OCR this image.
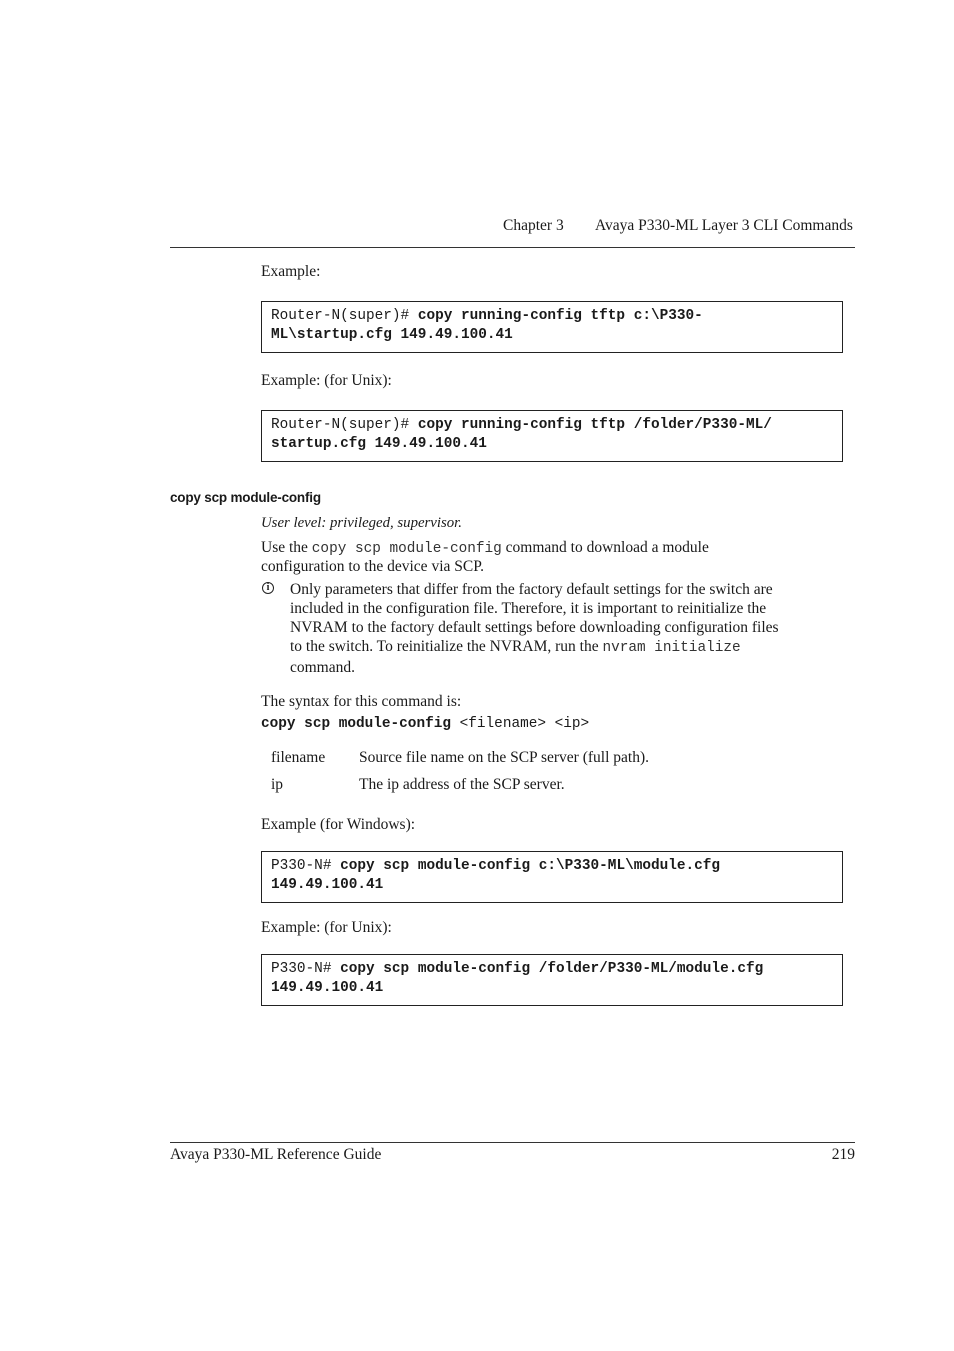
Chapter 3 Avaya P330-ML Layer 3 CLI Commands
Example:
Router-N(super)# copy running-config tftp c:\P330-
ML\startup.cfg 149.49.100.41
Example: (for Unix):
Router-N(super)# copy running-config tftp /folder/P330-ML/
startup.cfg 149.49.100.41
copy scp module-config
User level: privileged, supervisor.
Use the copy scp module-config command to download a module
configuration to the device via SCP.
i Only parameters that differ from the factory default settings for the switch are
included in the configuration file. Therefore, it is important to reinitialize the
NVRAM to the factory default settings before downloading configuration files
to the switch. To reinitialize the NVRAM, run the nvram initialize
command.
The syntax for this command is:
copy scp module-config <filename> <ip>
filename Source file name on the SCP server (full path).
ip	The ip address of the SCP server.
Example (for Windows):
P330-N# copy scp module-config c:\P330-ML\module.cfg
149.49.100.41
Example: (for Unix):
P330-N# copy scp module-config /folder/P330-ML/module.cfg
149.49.100.41
Avaya P330-ML Reference Guide	219
